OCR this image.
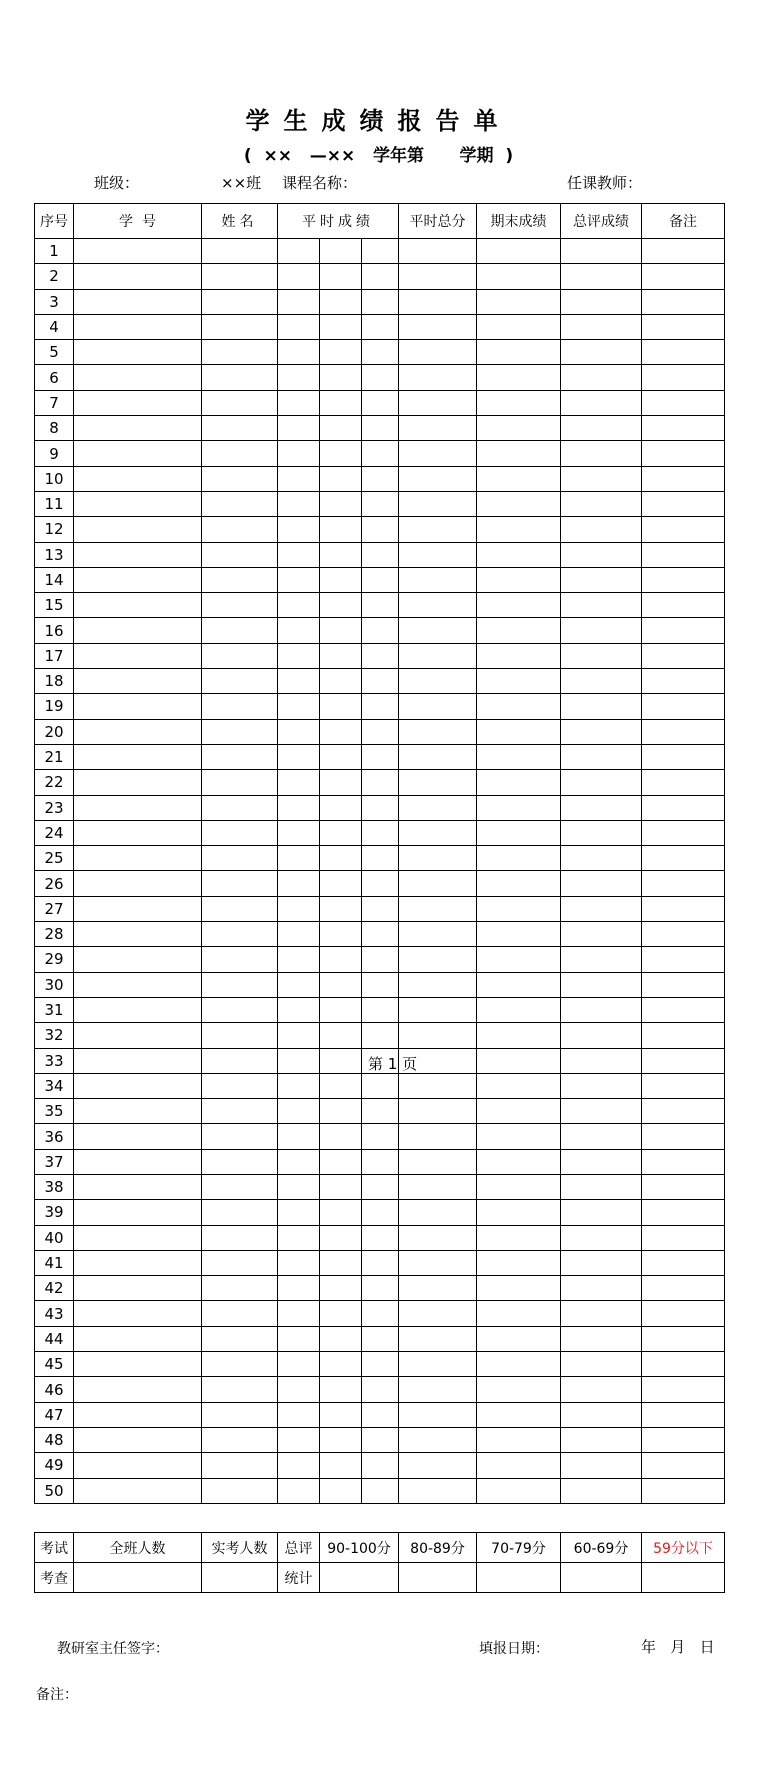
学生成绩报告单
(  ××   —××   学年第      学期  )
班级：	××班 课程名称：	任课教师：
序号	学  号	姓名	平时成绩			平时总分	期末成绩	总评成绩	备注
1									
2									
3									
4									
5									
6									
7									
8									
9									
10									
11									
12									
13									
14									
15									
16									
17									
18									
19									
20									
21									
22									
23									
24									
25									
26									
27									
28									
29									
30									
31									
32									
33									
34									
35									
36									
37									
38									
39									
40									
41									
42									
43									
44									
45									
46									
47									
48									
49									
50									
第 1 页
考试	全班人数	实考人数	总评	90-100分	80-89分	70-79分	60-69分	59分以下
考查			统计					
教研室主任签字：	填报日期：	年   月   日
备注：
